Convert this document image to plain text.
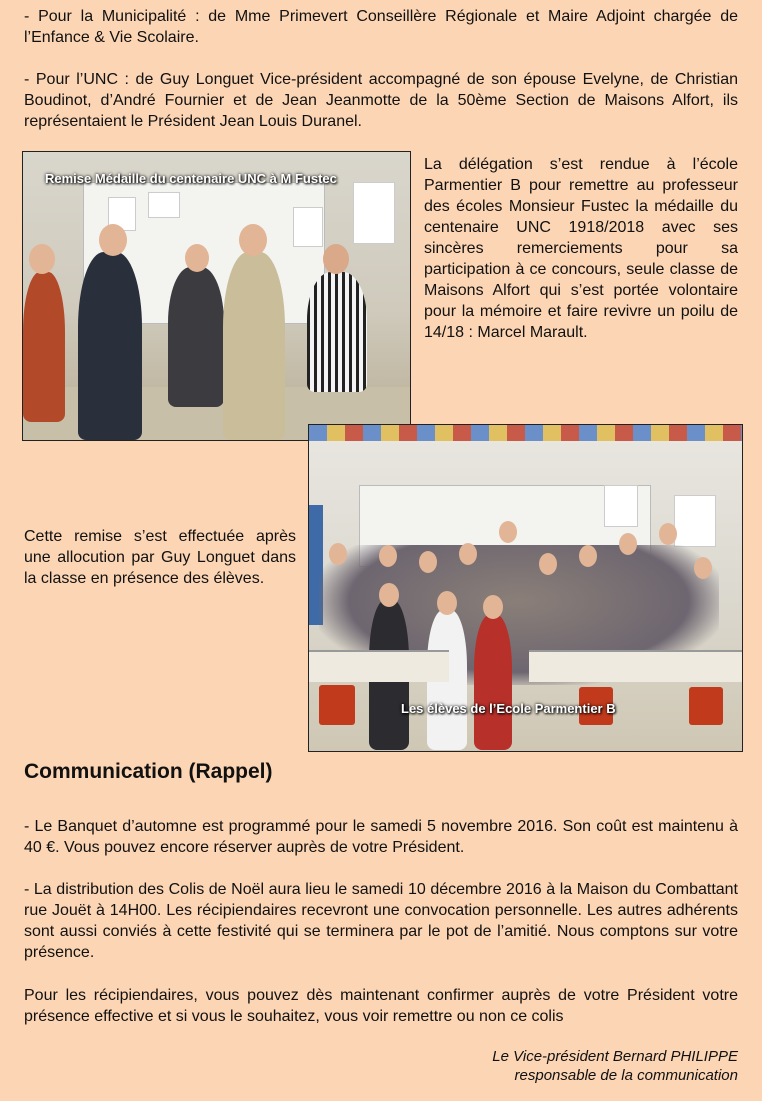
- Pour la Municipalité : de Mme Primevert Conseillère Régionale et Maire Adjoint chargée de l’Enfance & Vie Scolaire.

- Pour l’UNC : de Guy Longuet Vice-président accompagné de son épouse Evelyne, de Christian Boudinot, d’André Fournier et de Jean Jeanmotte de la 50ème Section de Maisons Alfort, ils représentaient le Président Jean Louis Duranel.

Remise Médaille du centenaire UNC à M Fustec

La délégation s’est rendue à l’école Parmentier B pour remettre au professeur des écoles Monsieur Fustec la médaille du centenaire UNC 1918/2018 avec ses sincères remerciements pour sa participation à ce concours, seule classe de Maisons Alfort qui s’est portée volontaire pour la mémoire et faire revivre un poilu de 14/18 : Marcel Marault.

Les élèves de l’Ecole Parmentier B

Cette remise s’est effectuée après une allocution par Guy Longuet dans la classe en présence des élèves.

Communication (Rappel)

- Le Banquet d’automne est programmé pour le samedi 5 novembre 2016. Son coût est maintenu à 40 €. Vous pouvez encore réserver auprès de votre Président.

- La distribution des Colis de Noël aura lieu le samedi 10 décembre 2016 à la Maison du Combattant rue Jouët à 14H00. Les récipiendaires recevront une convocation personnelle. Les autres adhérents sont aussi conviés à cette festivité qui se terminera par le pot de l’amitié. Nous comptons sur votre présence.

Pour les récipiendaires, vous pouvez dès maintenant confirmer auprès de votre Président votre présence effective et si vous le souhaitez, vous voir remettre ou non ce colis

Le Vice-président Bernard PHILIPPE

responsable de la communication
